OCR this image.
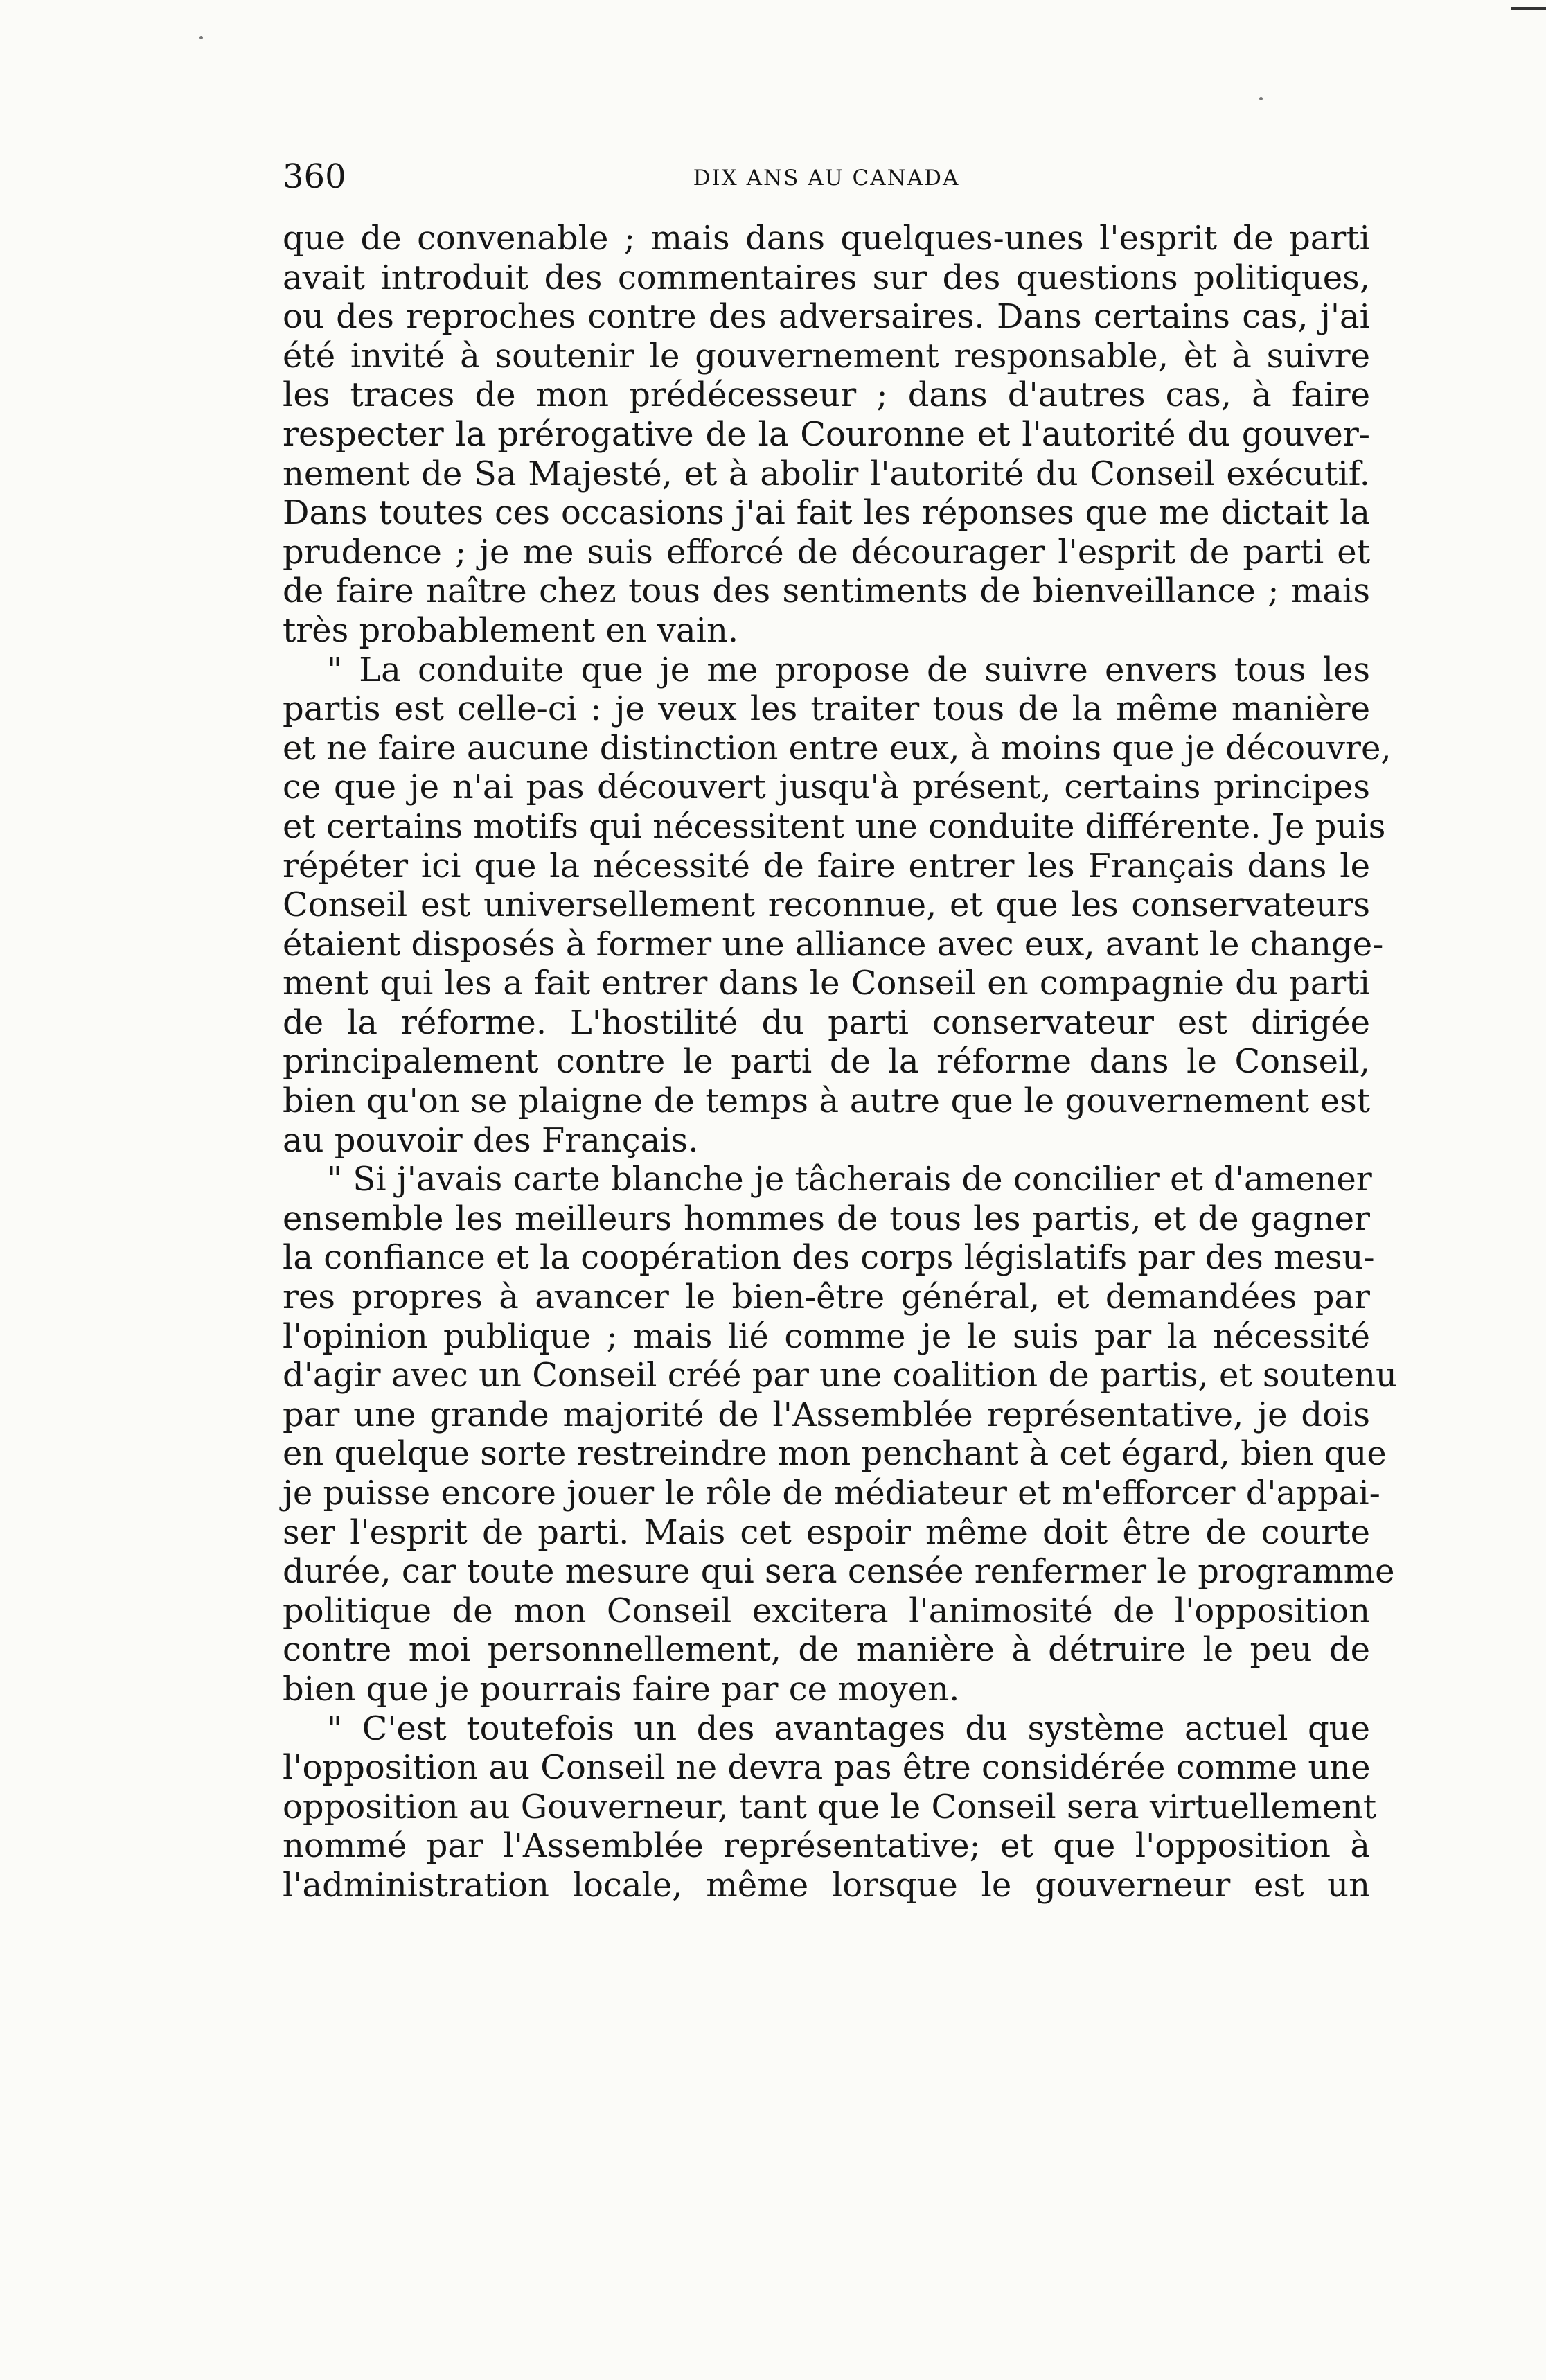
360	DIX ANS AU CANADA
que de convenable ; mais dans quelques-unes l'esprit de parti
avait introduit des commentaires sur des questions politiques,
ou des reproches contre des adversaires. Dans certains cas, j'ai
été invité à soutenir le gouvernement responsable, èt à suivre
les traces de mon prédécesseur ; dans d'autres cas, à faire
respecter la prérogative de la Couronne et l'autorité du gouver-
nement de Sa Majesté, et à abolir l'autorité du Conseil exécutif.
Dans toutes ces occasions j'ai fait les réponses que me dictait la
prudence ; je me suis efforcé de décourager l'esprit de parti et
de faire naître chez tous des sentiments de bienveillance ; mais
très probablement en vain.
" La conduite que je me propose de suivre envers tous les
partis est celle-ci : je veux les traiter tous de la même manière
et ne faire aucune distinction entre eux, à moins que je découvre,
ce que je n'ai pas découvert jusqu'à présent, certains principes
et certains motifs qui nécessitent une conduite différente. Je puis
répéter ici que la nécessité de faire entrer les Français dans le
Conseil est universellement reconnue, et que les conservateurs
étaient disposés à former une alliance avec eux, avant le change-
ment qui les a fait entrer dans le Conseil en compagnie du parti
de la réforme. L'hostilité du parti conservateur est dirigée
principalement contre le parti de la réforme dans le Conseil,
bien qu'on se plaigne de temps à autre que le gouvernement est
au pouvoir des Français.
" Si j'avais carte blanche je tâcherais de concilier et d'amener
ensemble les meilleurs hommes de tous les partis, et de gagner
la confiance et la coopération des corps législatifs par des mesu-
res propres à avancer le bien-être général, et demandées par
l'opinion publique ; mais lié comme je le suis par la nécessité
d'agir avec un Conseil créé par une coalition de partis, et soutenu
par une grande majorité de l'Assemblée représentative, je dois
en quelque sorte restreindre mon penchant à cet égard, bien que
je puisse encore jouer le rôle de médiateur et m'efforcer d'appai-
ser l'esprit de parti. Mais cet espoir même doit être de courte
durée, car toute mesure qui sera censée renfermer le programme
politique de mon Conseil excitera l'animosité de l'opposition
contre moi personnellement, de manière à détruire le peu de
bien que je pourrais faire par ce moyen.
" C'est toutefois un des avantages du système actuel que
l'opposition au Conseil ne devra pas être considérée comme une
opposition au Gouverneur, tant que le Conseil sera virtuellement
nommé par l'Assemblée représentative; et que l'opposition à
l'administration locale, même lorsque le gouverneur est un
